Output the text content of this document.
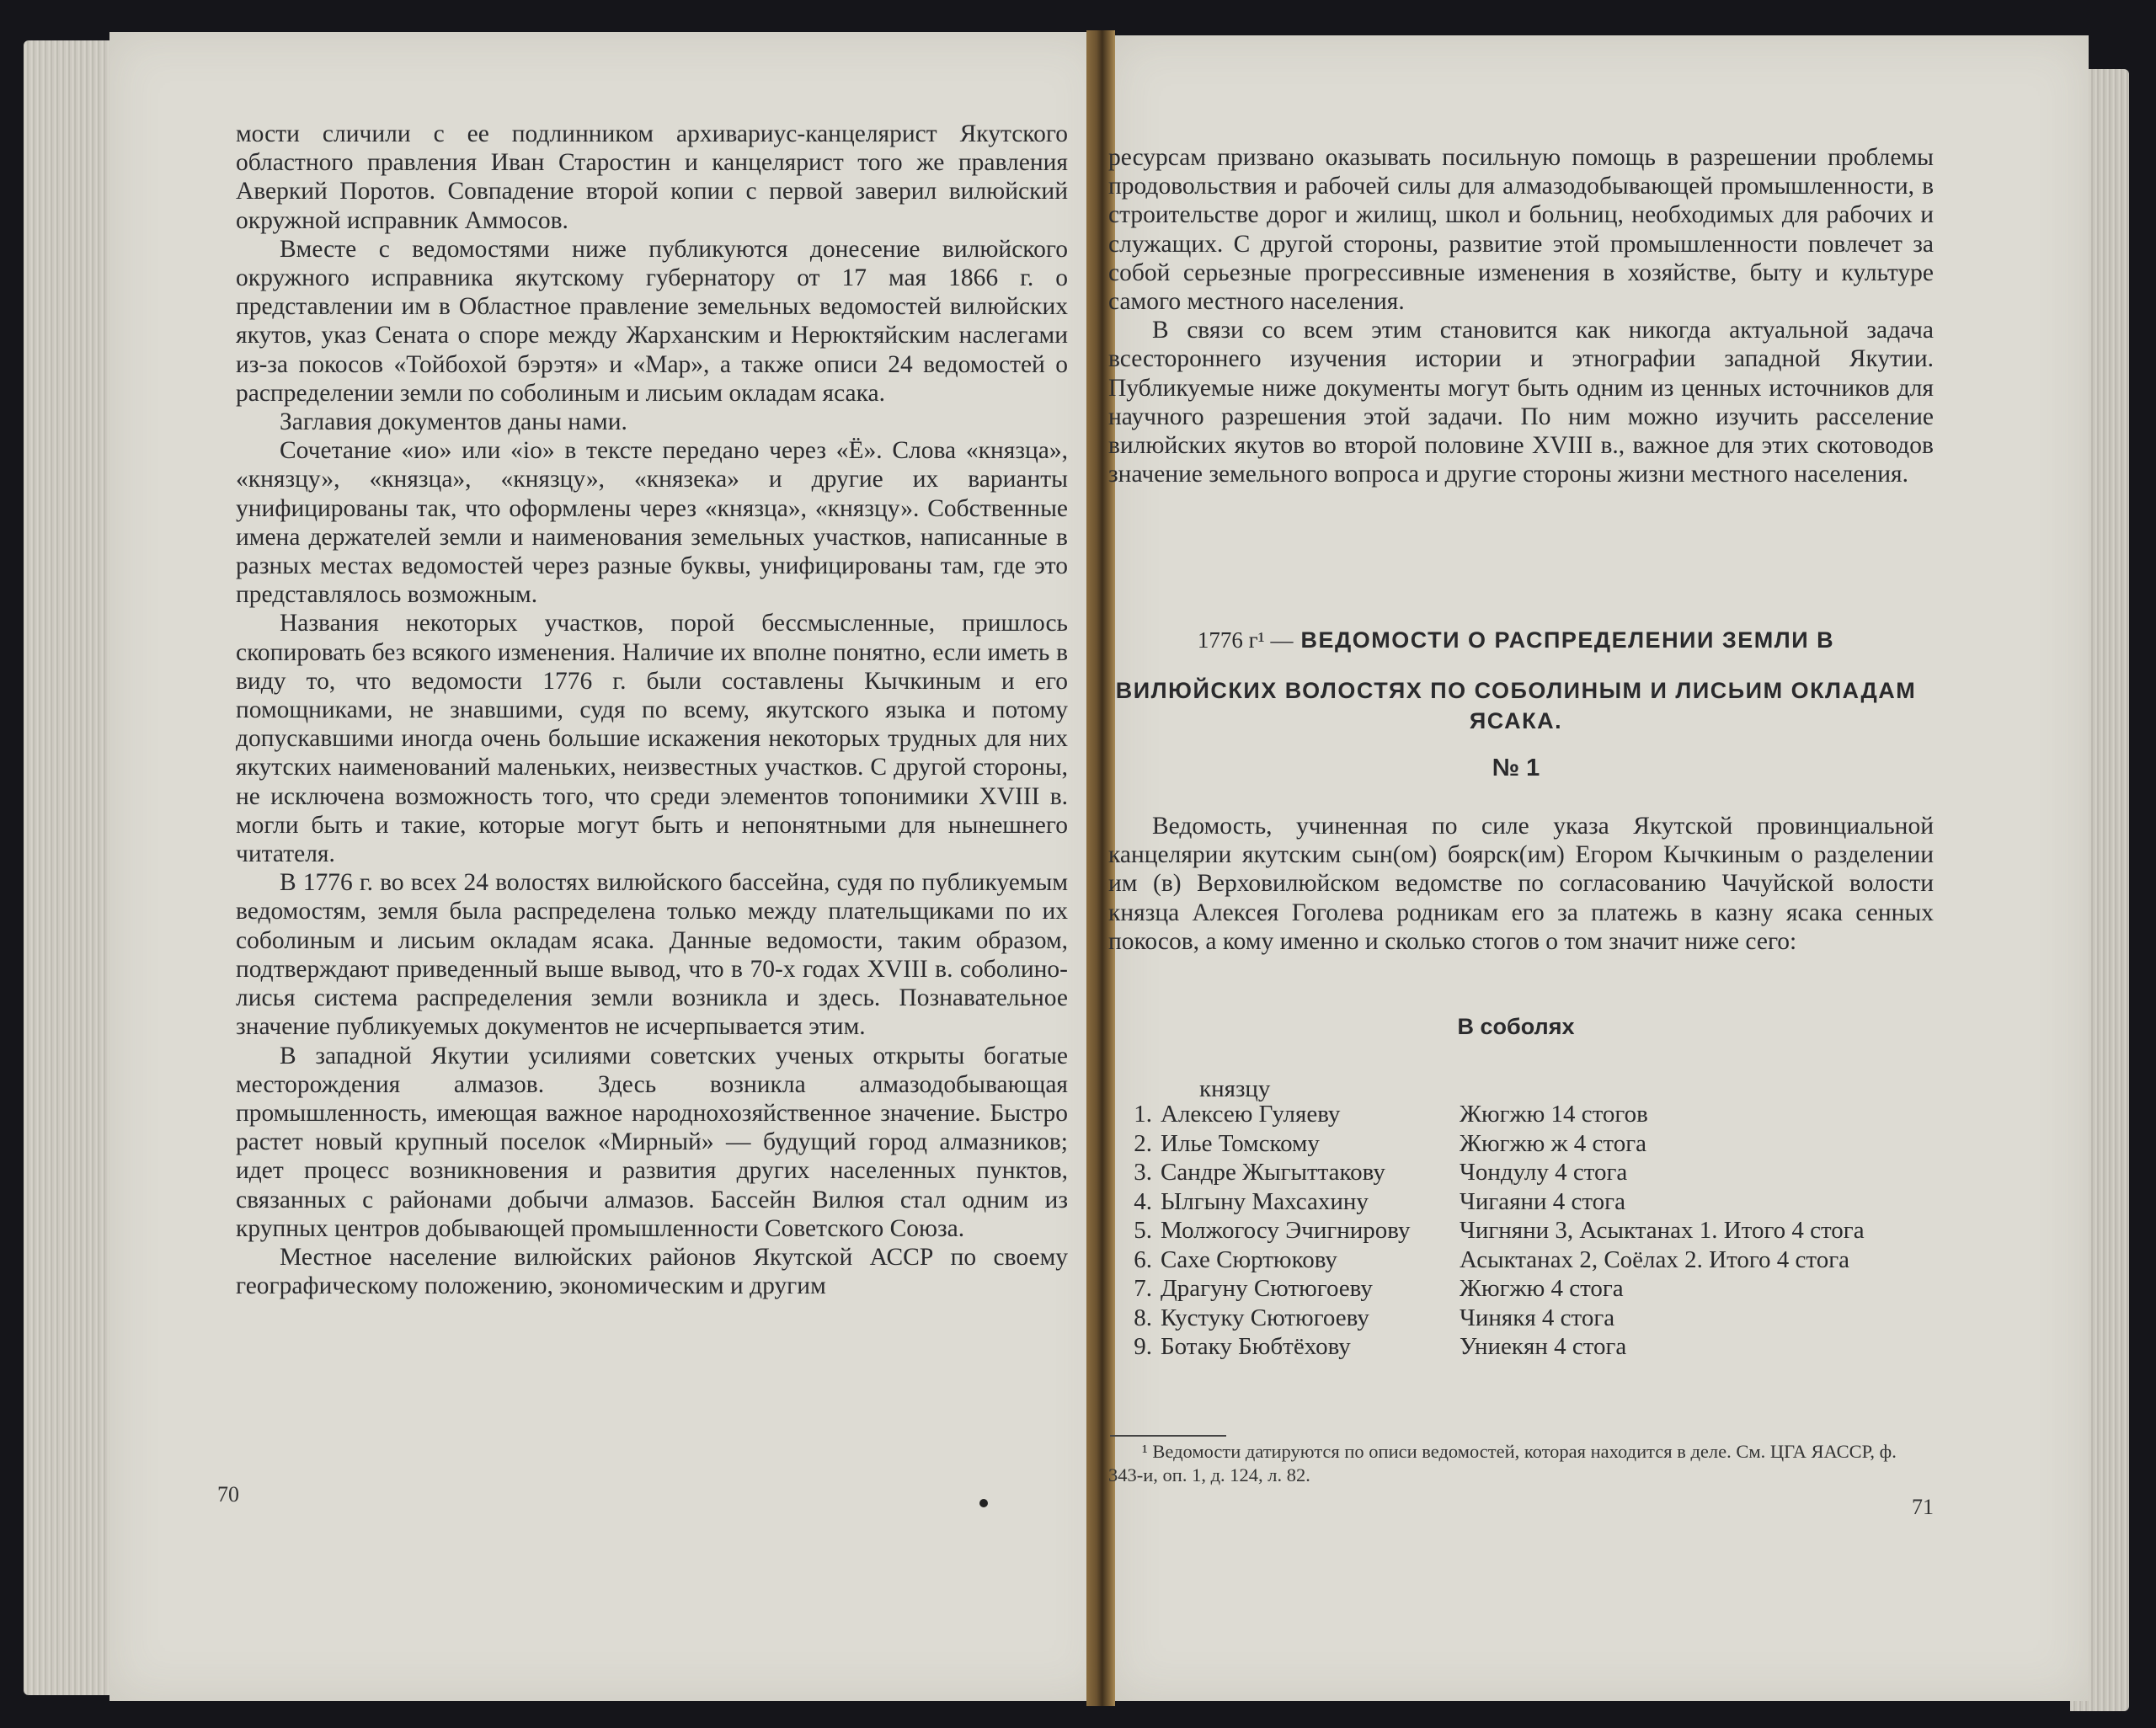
мости сличили с ее подлинником архивариус-канцелярист Якутского областного правления Иван Старостин и канцелярист того же правления Аверкий Поротов. Совпадение второй копии с первой заверил вилюйский окружной исправник Аммосов.

Вместе с ведомостями ниже публикуются донесение вилюйского окружного исправника якутскому губернатору от 17 мая 1866 г. о представлении им в Областное правление земельных ведомостей вилюйских якутов, указ Сената о споре между Жарханским и Нерюктяйским наслегами из-за покосов «Тойбохой бэрэтя» и «Мар», а также описи 24 ведомостей о распределении земли по соболиным и лисьим окладам ясака.

Заглавия документов даны нами.

Сочетание «ио» или «io» в тексте передано через «Ё». Слова «князца», «князцу», «князца», «князцу», «князека» и другие их варианты унифицированы так, что оформлены через «князца», «князцу». Собственные имена держателей земли и наименования земельных участков, написанные в разных местах ведомостей через разные буквы, унифицированы там, где это представлялось возможным.

Названия некоторых участков, порой бессмысленные, пришлось скопировать без всякого изменения. Наличие их вполне понятно, если иметь в виду то, что ведомости 1776 г. были составлены Кычкиным и его помощниками, не знавшими, судя по всему, якутского языка и потому допускавшими иногда очень большие искажения некоторых трудных для них якутских наименований маленьких, неизвестных участков. С другой стороны, не исключена возможность того, что среди элементов топонимики XVIII в. могли быть и такие, которые могут быть и непонятными для нынешнего читателя.

В 1776 г. во всех 24 волостях вилюйского бассейна, судя по публикуемым ведомостям, земля была распределена только между плательщиками по их соболиным и лисьим окладам ясака. Данные ведомости, таким образом, подтверждают приведенный выше вывод, что в 70-х годах XVIII в. соболино-лисья система распределения земли возникла и здесь. Познавательное значение публикуемых документов не исчерпывается этим.

В западной Якутии усилиями советских ученых открыты богатые месторождения алмазов. Здесь возникла алмазодобывающая промышленность, имеющая важное народнохозяйственное значение. Быстро растет новый крупный поселок «Мирный» — будущий город алмазников; идет процесс возникновения и развития других населенных пунктов, связанных с районами добычи алмазов. Бассейн Вилюя стал одним из крупных центров добывающей промышленности Советского Союза.

Местное население вилюйских районов Якутской АССР по своему географическому положению, экономическим и другим

70

ресурсам призвано оказывать посильную помощь в разрешении проблемы продовольствия и рабочей силы для алмазодобывающей промышленности, в строительстве дорог и жилищ, школ и больниц, необходимых для рабочих и служащих. С другой стороны, развитие этой промышленности повлечет за собой серьезные прогрессивные изменения в хозяйстве, быту и культуре самого местного населения.

В связи со всем этим становится как никогда актуальной задача всестороннего изучения истории и этнографии западной Якутии. Публикуемые ниже документы могут быть одним из ценных источников для научного разрешения этой задачи. По ним можно изучить расселение вилюйских якутов во второй половине XVIII в., важное для этих скотоводов значение земельного вопроса и другие стороны жизни местного населения.

1776 г¹ — ВЕДОМОСТИ О РАСПРЕДЕЛЕНИИ ЗЕМЛИ В
ВИЛЮЙСКИХ ВОЛОСТЯХ ПО СОБОЛИНЫМ И ЛИСЬИМ ОКЛАДАМ
ЯСАКА.
№ 1

Ведомость, учиненная по силе указа Якутской провинциальной канцелярии якутским сын(ом) боярск(им) Егором Кычкиным о разделении им (в) Верховилюйском ведомстве по согласованию Чачуйской волости князца Алексея Гоголева родникам его за платежь в казну ясака сенных покосов, а кому именно и сколько стогов о том значит ниже сего:

В соболях
князцу
1. Алексею Гуляеву	Жюгжю 14 стогов
2. Илье Томскому	Жюгжю ж 4 стога
3. Сандре Жыгыттакову	Чондулу 4 стога
4. Ылгыну Махсахину	Чигаяни 4 стога
5. Молжогосу Эчигнирову	Чигняни 3, Асыктанах 1. Итого 4 стога
6. Сахе Сюртюкову	Асыктанах 2, Соёлах 2. Итого 4 стога
7. Драгуну Сютюгоеву	Жюгжю 4 стога
8. Кустуку Сютюгоеву	Чинякя 4 стога
9. Ботаку Бюбтёхову	Униекян 4 стога

¹ Ведомости датируются по описи ведомостей, которая находится в деле. См. ЦГА ЯАССР, ф. 343-и, оп. 1, д. 124, л. 82.

71
